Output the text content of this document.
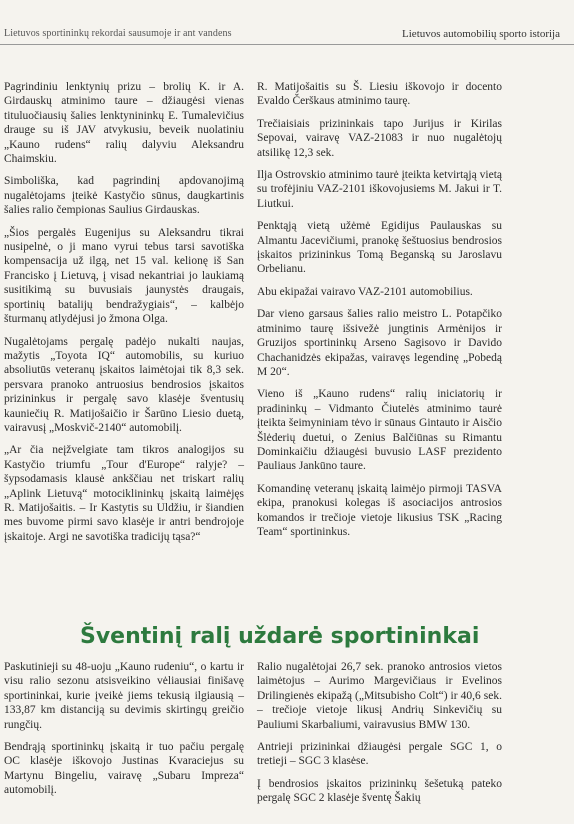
Lietuvos sportininkų rekordai sausumoje ir ant vandens	Lietuvos automobilių sporto istorija

Pagrindiniu lenktynių prizu – brolių K. ir A. Girdauskų atminimo taure – džiaugėsi vienas tituluočiausių šalies lenktynininkų E. Tumalevičius drauge su iš JAV atvykusiu, beveik nuolatiniu „Kauno rudens“ ralių dalyviu Aleksandru Chaimskiu.

Simboliška, kad pagrindinį apdovanojimą nugalėtojams įteikė Kastyčio sūnus, daugkartinis šalies ralio čempionas Saulius Girdauskas.

„Šios pergalės Eugenijus su Aleksandru tikrai nusipelnė, o ji mano vyrui tebus tarsi savotiška kompensacija už ilgą, net 15 val. kelionę iš San Francisko į Lietuvą, į visad nekantriai jo laukiamą susitikimą su buvusiais jaunystės draugais, sportinių batalijų bendražygiais“, – kalbėjo šturmanų atlydėjusi jo žmona Olga.

Nugalėtojams pergalę padėjo nukalti naujas, mažytis „Toyota IQ“ automobilis, su kuriuo absoliutūs veteranų įskaitos laimėtojai tik 8,3 sek. persvara pranoko antruosius bendrosios įskaitos prizininkus ir pergalę savo klasėje šventusių kauniečių R. Matijošaičio ir Šarūno Liesio duetą, vairavusį „Moskvič-2140“ automobilį.

„Ar čia neįžvelgiate tam tikros analogijos su Kastyčio triumfu „Tour d'Europe“ ralyje? – šypsodamasis klausė ankščiau net triskart ralių „Aplink Lietuvą“ motociklininkų įskaitą laimėjęs R. Matijošaitis. – Ir Kastytis su Uldžiu, ir šiandien mes buvome pirmi savo klasėje ir antri bendrojoje įskaitoje. Argi ne savotiška tradicijų tąsa?“

R. Matijošaitis su Š. Liesiu iškovojo ir docento Evaldo Čerškaus atminimo taurę.

Trečiaisiais prizininkais tapo Jurijus ir Kirilas Sepovai, vairavę VAZ-21083 ir nuo nugalėtojų atsilikę 12,3 sek.

Ilja Ostrovskio atminimo taurė įteikta ketvirtąją vietą su trofėjiniu VAZ-2101 iškovojusiems M. Jakui ir T. Liutkui.

Penktąją vietą užėmė Egidijus Paulauskas su Almantu Jacevičiumi, pranokę šeštuosius bendrosios įskaitos prizininkus Tomą Beganską su Jaroslavu Orbelianu.

Abu ekipažai vairavo VAZ-2101 automobilius.

Dar vieno garsaus šalies ralio meistro L. Potapčiko atminimo taurę išsivežė jungtinis Armėnijos ir Gruzijos sportininkų Arseno Sagisovo ir Davido Chachanidzės ekipažas, vairavęs legendinę „Pobedą M 20“.

Vieno iš „Kauno rudens“ ralių iniciatorių ir pradininkų – Vidmanto Čiutelės atminimo taurė įteikta šeimyniniam tėvo ir sūnaus Gintauto ir Aisčio Šlėderių duetui, o Zenius Balčiūnas su Rimantu Dominkaičiu džiaugėsi buvusio LASF prezidento Pauliaus Jankūno taure.

Komandinę veteranų įskaitą laimėjo pirmoji TASVA ekipa, pranokusi kolegas iš asociacijos antrosios komandos ir trečioje vietoje likusius TSK „Racing Team“ sportininkus.

Šventinį ralį uždarė sportininkai

Paskutinieji su 48-uoju „Kauno rudeniu“, o kartu ir visu ralio sezonu atsisveikino vėliausiai finišavę sportininkai, kurie įveikė jiems tekusią ilgiausią – 133,87 km distanciją su devimis skirtingų greičio rungčių.

Bendrąją sportininkų įskaitą ir tuo pačiu pergalę OC klasėje iškovojo Justinas Kvaraciejus su Martynu Bingeliu, vairavę „Subaru Impreza“ automobilį.

Ralio nugalėtojai 26,7 sek. pranoko antrosios vietos laimėtojus – Aurimo Margevičiaus ir Evelinos Drilingienės ekipažą („Mitsubisho Colt“) ir 40,6 sek. – trečioje vietoje likusį Andrių Sinkevičių su Pauliumi Skarbaliumi, vairavusius BMW 130.

Antrieji prizininkai džiaugėsi pergale SGC 1, o tretieji – SGC 3 klasėse.

Į bendrosios įskaitos prizininkų šešetuką pateko pergalę SGC 2 klasėje šventę Šakių
